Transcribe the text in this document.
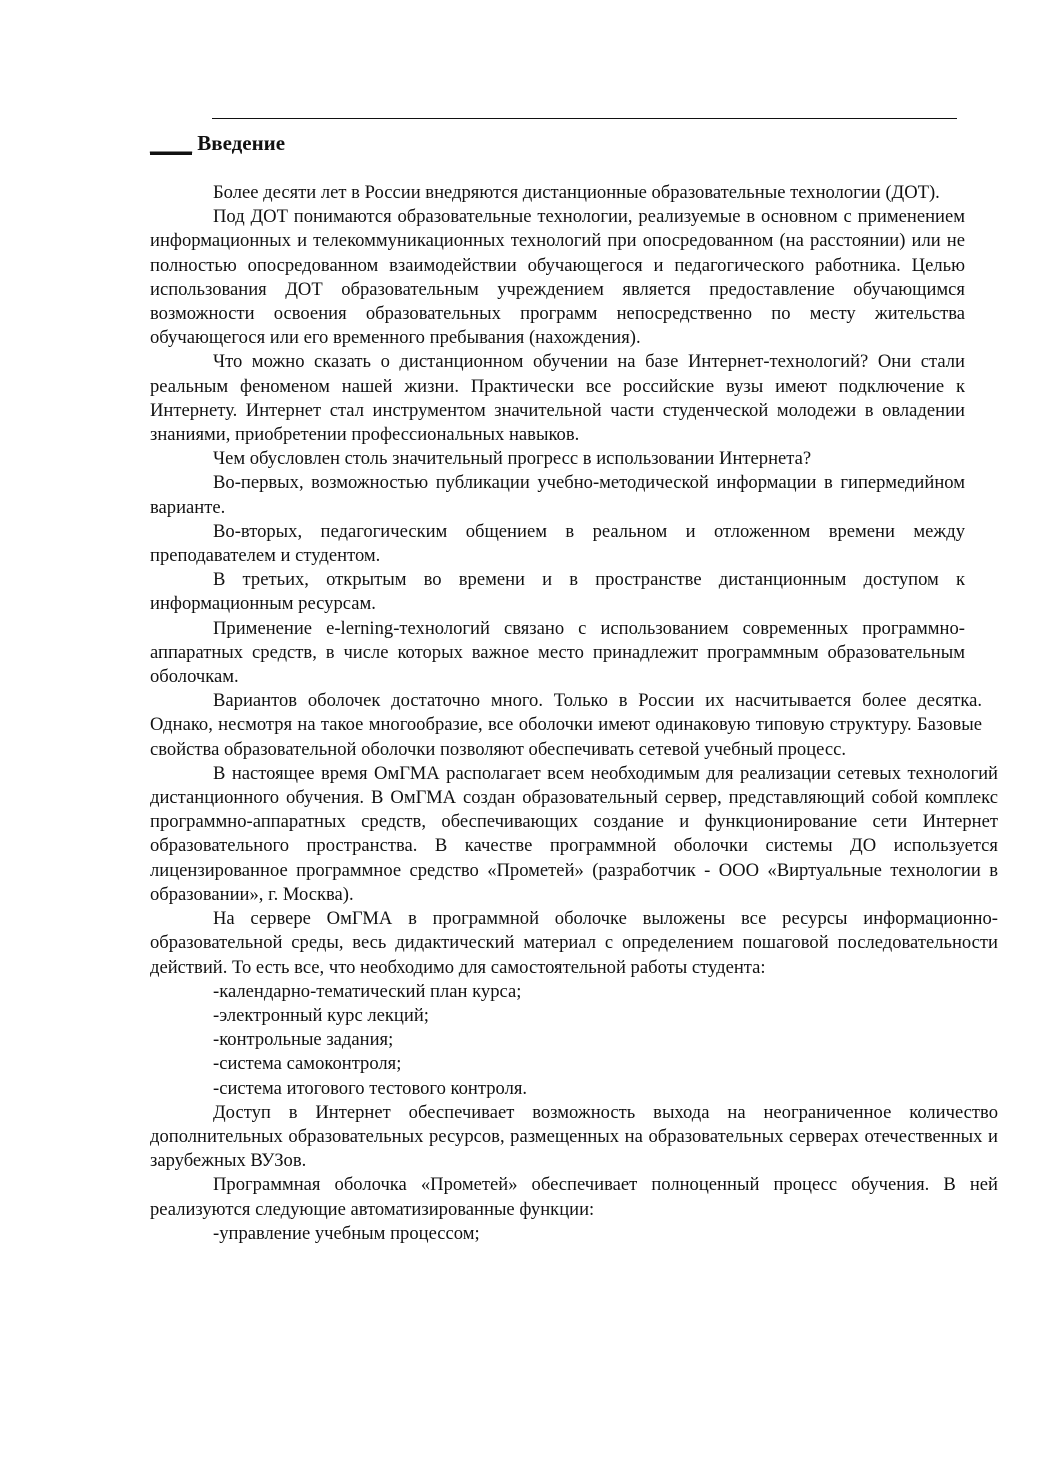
____ Введение

Более десяти лет в России внедряются дистанционные образовательные технологии (ДОТ).

Под ДОТ понимаются образовательные технологии, реализуемые в основном с применением информационных и телекоммуникационных технологий при опосредованном (на расстоянии) или не полностью опосредованном взаимодействии обучающегося и педагогического работника. Целью использования ДОТ образовательным учреждением является предоставление обучающимся возможности освоения образовательных программ непосредственно по месту жительства обучающегося или его временного пребывания (нахождения).

Что можно сказать о дистанционном обучении на базе Интернет-технологий? Они стали реальным феноменом нашей жизни. Практически все российские вузы имеют подключение к Интернету. Интернет стал инструментом значительной части студенческой молодежи в овладении знаниями, приобретении профессиональных навыков.

Чем обусловлен столь значительный прогресс в использовании Интернета?

Во-первых, возможностью публикации учебно-методической информации в гипермедийном варианте.

Во-вторых, педагогическим общением в реальном и отложенном времени между преподавателем и студентом.

В третьих, открытым во времени и в пространстве дистанционным доступом к информационным ресурсам.

Применение e-lerning-технологий связано с использованием современных программно-аппаратных средств, в числе которых важное место принадлежит программным образовательным оболочкам.

Вариантов оболочек достаточно много. Только в России их насчитывается более десятка. Однако, несмотря на такое многообразие, все оболочки имеют одинаковую типовую структуру. Базовые свойства образовательной оболочки позволяют обеспечивать сетевой учебный процесс.

В настоящее время ОмГМА располагает всем необходимым для реализации сетевых технологий дистанционного обучения. В ОмГМА создан образовательный сервер, представляющий собой комплекс программно-аппаратных средств, обеспечивающих создание и функционирование сети Интернет образовательного пространства. В качестве программной оболочки системы ДО используется лицензированное программное средство «Прометей» (разработчик - ООО «Виртуальные технологии в образовании», г. Москва).

На сервере ОмГМА в программной оболочке выложены все ресурсы информационно-образовательной среды, весь дидактический материал с определением пошаговой последовательности действий. То есть все, что необходимо для самостоятельной работы студента:

-календарно-тематический план курса;
-электронный курс лекций;
-контрольные задания;
-система самоконтроля;
-система итогового тестового контроля.

Доступ в Интернет обеспечивает возможность выхода на неограниченное количество дополнительных образовательных ресурсов, размещенных на образовательных серверах отечественных и зарубежных ВУЗов.

Программная оболочка «Прометей» обеспечивает полноценный процесс обучения. В ней реализуются следующие автоматизированные функции:

-управление учебным процессом;
